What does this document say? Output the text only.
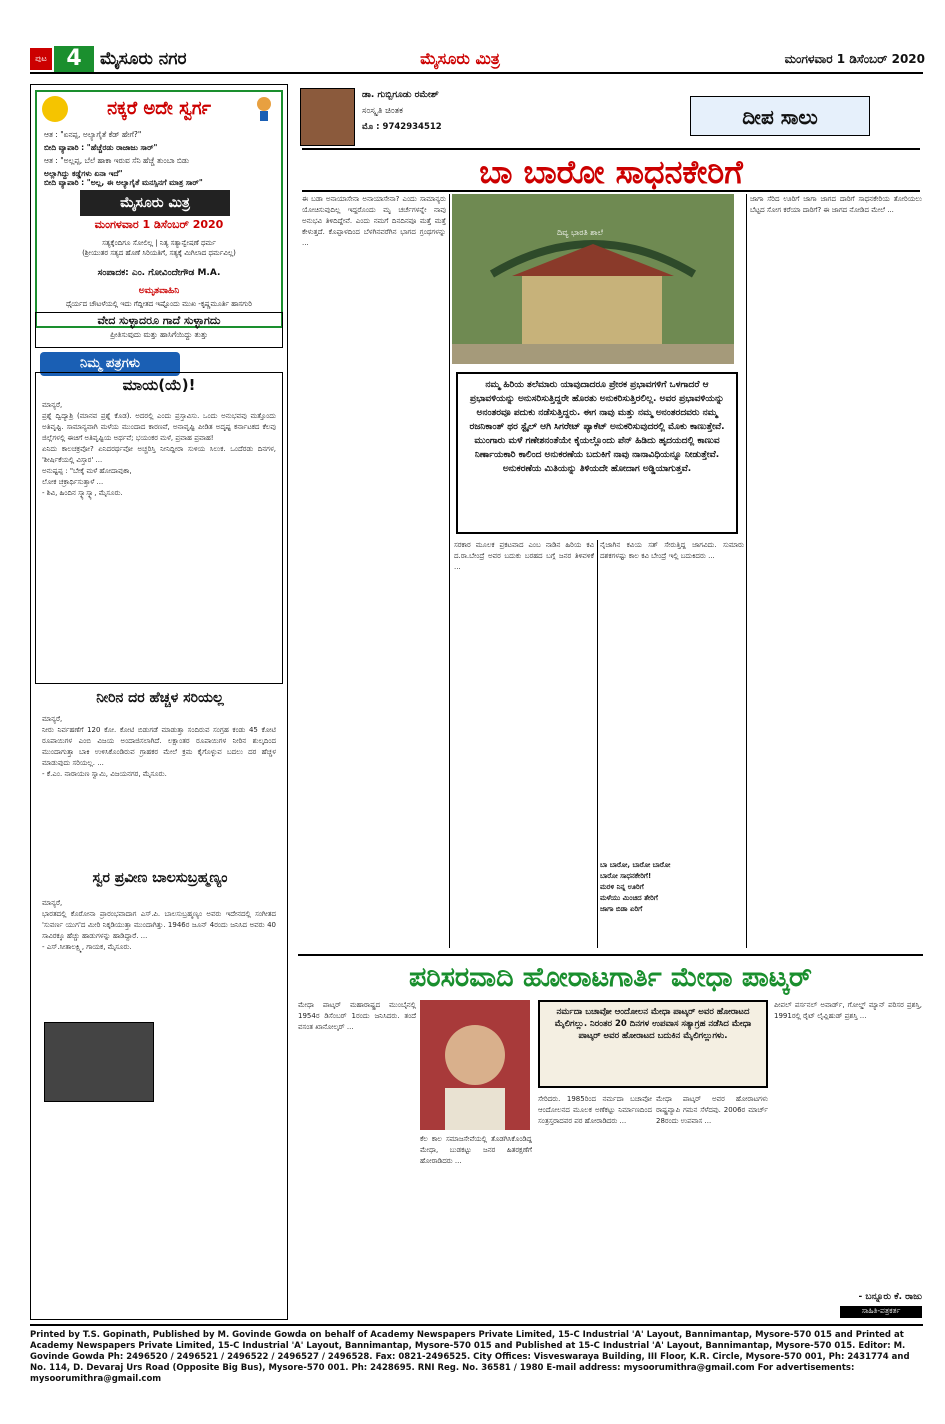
ಪುಟ 4	ಮೈಸೂರು ನಗರ	ಮೈಸೂರು ಮಿತ್ರ	ಮಂಗಳವಾರ 1 ಡಿಸೆಂಬರ್ 2020
ನಕ್ಕರೆ ಅದೇ ಸ್ವರ್ಗ
ಆತ : "ಏನಪ್ಪ, ಅಲ್ಯಾಗೈತೆ ಕೆಡ್ ಹೇಗೆ?"
ಬೀದಿ ವ್ಯಾಪಾರಿ : "ಹೆಚ್ಚೆರಡು ರಾಜಾಜು ಸಾರ್"
ಆತ : "ಅಲ್ಲಪ್ಪ, ಬೆಲೆ ಹಾಕಾ ಇರುವ ಸೆನಿ ಹೆಚ್ಚೆ ತುಂಬಾ ಬಿಡು
ಅಲ್ಲಾಗಿದ್ದು ಕಡ್ಡೆಗಳು ಏನಾ ಇದೆ"
ಬೀದಿ ವ್ಯಾಪಾರಿ : "ಅಲ್ಲ, ಈ ಅಲ್ಯಾಗೈತೆ ಮನಸ್ಸಿನಗೆ ಮಾತ್ರ ಸಾರ್"
ಮೈಸೂರು ಮಿತ್ರ
ಮಂಗಳವಾರ 1 ಡಿಸೆಂಬರ್ 2020
ಸತ್ಯಕ್ಕೆಂದಿಗೂ ಸೋಲಿಲ್ಲ | ನಿತ್ಯ ಸತ್ಯಾನ್ವೇಷಣೆ ಧರ್ಮ
(ಶ್ರೀಯುತರ ಸತ್ಯದ ಹೊಣೆ ಸಿರಿಯತಿಗೆ, ಸತ್ಯಕ್ಕೆ ಮಿಗಿಲಾದ ಧರ್ಮವಿಲ್ಲ)
ಸಂಪಾದಕ: ಎಂ. ಗೋವಿಂದೇಗೌಡ M.A.
ಅಮೃತವಾಹಿನಿ
ಧೈರ್ಯದ ಚೌಟಳೆಯಲ್ಲಿ ಇದು ಗೆದ್ದೀತದ ಇಷ್ಟೊಂದು ಮುಖ -ಕೃಷ್ಣಮೂರ್ತಿ ಹಾಸಗುರಿ
ವೇದ ಸುಳ್ಳಾದರೂ ಗಾದೆ ಸುಳ್ಳಾಗದು
ಪ್ರೀತಿಸುವುದು ಮತ್ತು ಹಾಸಿಗೆಯಿದ್ದು ತುತ್ತು
ನಿಮ್ಮ ಪತ್ರಗಳು
ಮಾಯ(ಯೆ)!
ಮಾನ್ಯರೆ,
ಪ್ರಶ್ನೆ ದ್ವಿದ್ಯಾಶ್ರಿ (ಮಾನವ ಪ್ರಶ್ನೆ ಕೊಡ). ಅದರಲ್ಲಿ ಎಂದು ಪ್ರಸ್ತಾವಿಸು. ಒಂದು ಅನುಭವವು ಮತ್ತೊಂದು ಅತಿವೃಷ್ಟಿ. ಸಾಮಾನ್ಯವಾಗಿ ಮಳೆಯ ಮುಂದಾದ ಕಾರಣವೆ, ಅನಾವೃಷ್ಟಿ ಪೀಡಿತ ಅದೃಷ್ಟ ಕರ್ನಾಟಕದ ಕೆಲವು ಜಿಲ್ಲೆಗಳಲ್ಲಿ ಈಚಿಗೆ ಅತಿವೃಷ್ಟಿಯ ಅರ್ಥವೆ; ಭಯಂಕರ ಮಳೆ, ಪ್ರವಾಹ ಪ್ರವಾಹ!
ಏನಿದು ಕಾಲಚಕ್ರವೋ? ಏನಿದರರ್ಥವೋ ಅಚ್ಚರಿಸ್ತಿ ನೀನಿದ್ದೀರಾ ಸುಳಿಯ ಸಿಲುಕ. ಒಂದೆರಡು ದಿನಗಳ, 'ಶೀರ್ಷಿಕೆಯಲ್ಲಿ ವಿಸ್ತಾರ' ...
ಅನುಷ್ಟಪ್ಪ : "ಬೇಕ್ಕೆ ಮಳೆ ಹೋದಾವುಕಾ,
ಲೋಕ ಚಕ್ರಾರ್ಥಿಸುತ್ತಾಳೆ ...
- ಶಿವಿ, ಹಿಂದಿನ ಸ್ಕ್ಯಾಸ್ಕ್ಯಾ, ಮೈಸೂರು.
ನೀರಿನ ದರ ಹೆಚ್ಚಳ ಸರಿಯಲ್ಲ
ಮಾನ್ಯರೆ,
ನೀರು ನಿರ್ವಹಣೆಗೆ 120 ಕೋ. ಕೋಟಿ ಬಿಡುಗಡೆ ಮಾಡುತ್ತಾ ಸಂದಿರುವ ಸಂಗ್ರಹ ಕಂಡು 45 ಕೋಟಿ ರೂಪಾಯಿಗಳ ಎಂಬಿ ವಿಜಯ ಅಂದಾಜಿಸಲಾಗಿದೆ. ಲಕ್ಷಾಂತರ ರೂಪಾಯಿಗಳ ನೀರಿನ ಶುಲ್ಕದಿಂದ ಮುಂದಾಗುತ್ತಾ ಬಾಕಿ ಉಳಿಸಿಕೊಂಡಿರುವ ಗ್ರಾಹಕರ ಮೇಲೆ ಕ್ರಮ ಕೈಗೊಳ್ಳುವ ಬದಲು ದರ ಹೆಚ್ಚಳ ಮಾಡುವುದು ಸರಿಯಲ್ಲ. ...
- ಕೆ.ಎಂ. ನಾರಾಯಣ ಸ್ವಾಮಿ, ವಿಜಯನಗರ, ಮೈಸೂರು.
ಸ್ವರ ಪ್ರವೀಣ ಬಾಲಸುಬ್ರಹ್ಮಣ್ಯಂ
ಮಾನ್ಯರೆ,
ಭಾರತದಲ್ಲಿ ಕೊರೋನಾ ಪ್ರಾರಂಭವಾದಾಗ ಎಸ್.ಪಿ. ಬಾಲಸುಬ್ರಹ್ಮಣ್ಯಂ ಅವರು ಇದೇನದಲ್ಲಿ ಸಂಗೀತದ 'ಸುವರ್ಣ ಯುಗ'ದ ಮೀರಿ ನಿಕ್ಕಡಿಯುತ್ತಾ ಮುಂದಾಗಿತ್ತು. 1946ರ ಜೂನ್ 4ರಂದು ಜನಿಸಿದ ಅವರು 40 ಸಾವಿರಕ್ಕೂ ಹೆಚ್ಚು ಹಾಡುಗಳನ್ನು ಹಾಡಿದ್ದಾರೆ. ...
- ಎಸ್.ಸೀತಾಲಕ್ಷ್ಮಿ, ಗಾಯಕ, ಮೈಸೂರು.
ಡಾ. ಗುಬ್ಬಿಗೂಡು ರಮೇಶ್
ಸಂಸ್ಕೃತಿ ಚಿಂತಕ
ಮೊ : 9742934512	ದೀಪ ಸಾಲು
ಬಾ ಬಾರೋ ಸಾಧನಕೇರಿಗೆ
ದಿವ್ಯ ಭಾರತಿ ಶಾಲೆ
ನಮ್ಮ ಹಿರಿಯ ತಲೆಮಾರು ಯಾವುದಾದರೂ ಪ್ರೇರಕ ಪ್ರಭಾವಗಳಿಗೆ ಒಳಗಾದರೆ ಆ ಪ್ರಭಾವಳಿಯನ್ನು ಅನುಸರಿಸುತ್ತಿದ್ದರೇ ಹೊರತು ಅನುಕರಿಸುತ್ತಿರಲಿಲ್ಲ. ಅವರ ಪ್ರಭಾವಳಿಯನ್ನು ಅನಂತರವೂ ಪದುಕು ನಡೆಸುತ್ತಿದ್ದರು. ಈಗ ನಾವು ಮತ್ತು ನಮ್ಮ ಅನಂತರದವರು ನಮ್ಮ ರಜನಿಕಾಂತ್ ಥರ ಸ್ಟೈಲ್ ಆಗಿ ಸಿಗರೇಟ್ ಪ್ಯಾಕೆಟ್ ಅನುಕರಿಸುವುದರಲ್ಲಿ ಮೊಕು ಕಾಣುತ್ತೇವೆ. ಮುಂಗಾರು ಮಳೆ ಗಣೇಶನಂತೆಯೇ ಕೈಯಲ್ಲೊಂದು ಪೆನ್ ಹಿಡಿದು ಹೃದಯದಲ್ಲಿ ಕಾಣುವ ನಿರ್ಣಾಯಕಾರಿ ಕಾಲಿಂದ ಅನುಕರಣೆಯ ಬದುಕಿಗೆ ನಾವು ನಾನಾವಿಧಿಯನ್ನೂ ನೀಡುತ್ತೇವೆ. ಅನುಕರಣೆಯ ಮಿತಿಯನ್ನು ತಿಳಿಯದೇ ಹೋದಾಗ ಅಡ್ಡಿಯಾಗುತ್ತವೆ.
ಈ ಬಡಾ ಅನಾಯಾಸೇನಾ ಅನಾಯಾಸೇನಾ? ಎಂದು ಸಾಮಾನ್ಯರು ಯೋಚಿಸುವುದಿಲ್ಲ ಇದ್ದರೊಂದು ಮೃ ಚರ್ಚೆಗಳನ್ನೇ ನಾವು ಅನುಭವಿ ತಿಳಿದಿದ್ದೇವೆ. ಎಂದು ನಮಗೆ ದಿನದಿನವೂ ಮತ್ತೆ ಮತ್ತೆ ಕೇಳುತ್ತದೆ. ಕೊಪ್ಪಾಳದಿಂದ ಬೆಳಗಿನವರೆಗಿನ ಭಾಗದ ಗ್ರಂಥಗಳನ್ನು ...
ಸರಕಾರ ಮೂಲಕ ಪ್ರಕಟವಾದ ಎಂಬ ನಾಡಿನ ಹಿರಿಯ ಕವಿ ದ.ರಾ.ಬೇಂದ್ರೆ ಅವರ ಬದುಕು ಬರಹದ ಬಗ್ಗೆ ಜನರ ತಿಳಿವಳಿಕೆ ...
ನೈಜಾಗಿನ ಕವಿಯ ಸತ್ ಸೇರುತ್ತಿದ್ದ ಜಾಗವಿದು. ಸುಮಾರು ದಶಕಗಳಷ್ಟು ಕಾಲ ಕವಿ ಬೇಂದ್ರೆ ಇಲ್ಲಿ ಬದುಕಿದರು ...
ಜಾಗಾ ಸೆರಿದ ಊರಿಗೆ ಜಾಗಾ ಜಾಗದ ದಾರಿಗೆ ಸಾಧನಕೇರಿಯ ತೋರಿಯಲು ಬೆಟ್ಟದ ಸೋಗ ಕರೆಯಾ ದಾರಿಗೆ? ಈ ಜಾಗದ ನೋಡಿದ ಮೇಲೆ ...
ಬಾ ಬಾರೋ, ಬಾರೋ ಬಾರೋ
ಬಾರೋ ಸಾಧನಕೇರಿಗೆ!
ಮರಳಿ ನಿನ್ನ ಊರಿಗೆ
ಮಳೆಯು ಮಿಂಚಿದ ತೇರಿಗೆ
ಜಾಗಾ ಬಿಡಾ ಏರಿಗೆ
ಪರಿಸರವಾದಿ ಹೋರಾಟಗಾರ್ತಿ ಮೇಧಾ ಪಾಟ್ಕರ್
ಮೇಧಾ ಪಾಟ್ಕರ್ ಮಹಾರಾಷ್ಟ್ರದ ಮುಂಬೈನಲ್ಲಿ 1954ರ ಡಿಸೆಂಬರ್ 1ರಂದು ಜನಿಸಿದರು. ತಂದೆ ವಸಂತ ಖಾನೋಲ್ಕರ್ ...
ಕೆಲ ಕಾಲ ಸಮಾಜಸೇವೆಯಲ್ಲಿ ತೊಡಗಿಸಿಕೊಂಡಿದ್ದ ಮೇಧಾ, ಬುಡಕಟ್ಟು ಜನರ ಹಿತರಕ್ಷಣೆಗೆ ಹೋರಾಡಿದರು ...
ನರ್ಮದಾ ಬಚಾವೋ ಆಂದೋಲನ ಮೇಧಾ ಪಾಟ್ಕರ್ ಅವರ ಹೋರಾಟದ ಮೈಲಿಗಲ್ಲು. ನಿರಂತರ 20 ದಿನಗಳ ಉಪವಾಸ ಸತ್ಯಾಗ್ರಹ ನಡೆಸಿದ ಮೇಧಾ ಪಾಟ್ಕರ್ ಅವರ ಹೋರಾಟದ ಬದುಕಿನ ಮೈಲಿಗಲ್ಲುಗಳು.
ಸೇರಿದರು. 1985ರಿಂದ ನರ್ಮದಾ ಬಚಾವೋ ಆಂದೋಲನದ ಮೂಲಕ ಅಣೆಕಟ್ಟು ನಿರ್ಮಾಣದಿಂದ ಸಂತ್ರಸ್ತರಾದವರ ಪರ ಹೋರಾಡಿದರು ...
ಮೇಧಾ ಪಾಟ್ಕರ್ ಅವರ ಹೋರಾಟಗಳು ರಾಷ್ಟ್ರವ್ಯಾಪಿ ಗಮನ ಸೆಳೆದವು. 2006ರ ಮಾರ್ಚ್ 28ರಂದು ಉಪವಾಸ ...
ಪೀಪಲ್ ಪರ್ಸನಲ್ ಅವಾರ್ಡ್, ಗೋಲ್ಡ್ ಮ್ಯಾನ್ ಪರಿಸರ ಪ್ರಶಸ್ತಿ, 1991ರಲ್ಲಿ ರೈಟ್ ಲೈವ್ಲಿಹುಡ್ ಪ್ರಶಸ್ತಿ ...
- ಬನ್ನೂರು ಕೆ. ರಾಜು
ಸಾಹಿತಿ-ಪತ್ರಕರ್ತ
Printed by T.S. Gopinath, Published by M. Govinde Gowda on behalf of Academy Newspapers Private Limited, 15-C Industrial 'A' Layout, Bannimantap, Mysore-570 015 and Printed at Academy Newspapers Private Limited, 15-C Industrial 'A' Layout, Bannimantap, Mysore-570 015 and Published at 15-C Industrial 'A' Layout, Bannimantap, Mysore-570 015. Editor: M. Govinde Gowda Ph: 2496520 / 2496521 / 2496522 / 2496527 / 2496528. Fax: 0821-2496525. City Offices: Visveswaraya Building, III Floor, K.R. Circle, Mysore-570 001, Ph: 2431774 and No. 114, D. Devaraj Urs Road (Opposite Big Bus), Mysore-570 001. Ph: 2428695. RNI Reg. No. 36581 / 1980 E-mail address: mysoorumithra@gmail.com For advertisements: mysoorumithra@gmail.com
